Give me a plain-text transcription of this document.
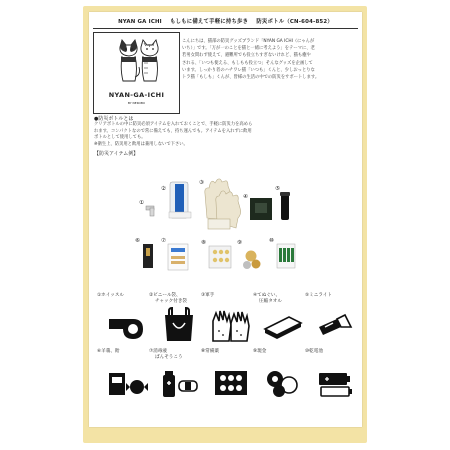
NYAN GA ICHI もしもに備えて手軽に持ち歩き 防災ボトル（CN-604-852）
NYAN-GA-ICHI
BY NEKOBU
こんにちは、猫部の防災グッズブランド「NYAN GA ICHI（にゃんが
いち）」です。「万が一のことを猫と一緒に考えよう」をテーマに、老
若男女問わず使えて、避難所でも役立ちすぎないけれど、猫も癒や
される、「いつも使える、もしもも役立つ」そんなグッズを企画して
います。しっかり者のハチワレ猫「いつも」くんと、少しおっとりな
トラ猫「もしも」くんが、皆様の生活の中での防災をサポートします。
●防災ボトルとは
クリアボトルの中に防災必須アイテムを入れておくことで、手軽に防災力を高めら
れます。コンパクトなので常に備えても、持ち運んでも。アイテムを入れずに飲用
ボトルとして使用しても。
※衛生上、防災用と飲用は兼用しないで下さい。
【防災アイテム例】
①
②
③
④
⑤
⑥	⑦	⑧	⑨	⑩
①ホイッスル	②ビニール袋、
チャック付き袋
③軍手	④てぬぐい、
圧縮タオル
⑤ミニライト
⑥羊羹、飴	⑦消毒液
ばんそうこう
⑧常備薬	⑨現金	⑩乾電池
